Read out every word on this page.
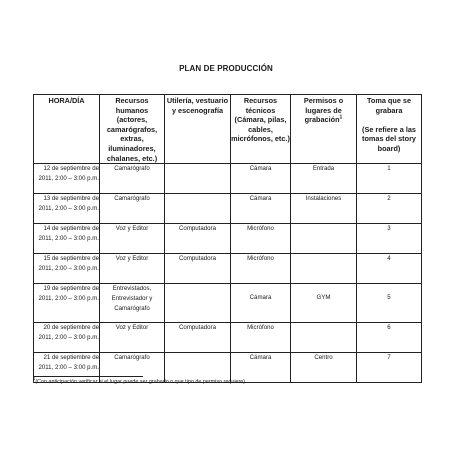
PLAN DE PRODUCCIÓN
HORA/DÍA	Recursos humanos (actores, camarógrafos, extras, iluminadores, chalanes, etc.)	Utilería, vestuario y escenografía	Recursos técnicos (Cámara, pilas, cables, micrófonos, etc.)	Permisos o lugares de grabación$^1$	Toma que se grabara

(Se refiere a las tomas del story board)
12 de septiembre de 2011, 2:00 – 3:00 p.m.	Camarógrafo		Cámara	Entrada	1
13 de septiembre de 2011, 2:00 – 3:00 p.m.	Camarógrafo		Cámara	Instalaciones	2
14 de septiembre de 2011, 2:00 – 3:00 p.m.	Voz y Editor	Computadora	Micrófono		3
15 de septiembre de 2011, 2:00 – 3:00 p.m.	Voz y Editor	Computadora	Micrófono		4
19 de septiembre de 2011, 2:00 – 3:00 p.m.	Entrevistados, Entrevistador y Camarógrafo		Cámara	GYM	5
20 de septiembre de 2011, 2:00 – 3:00 p.m.	Voz y Editor	Computadora	Micrófono		6
21 de septiembre de 2011, 2:00 – 3:00 p.m.	Camarógrafo		Cámara	Centro	7

$^1$(Con anticipación verificar si el lugar puede ser grabado o que tipo de permiso requiere)
